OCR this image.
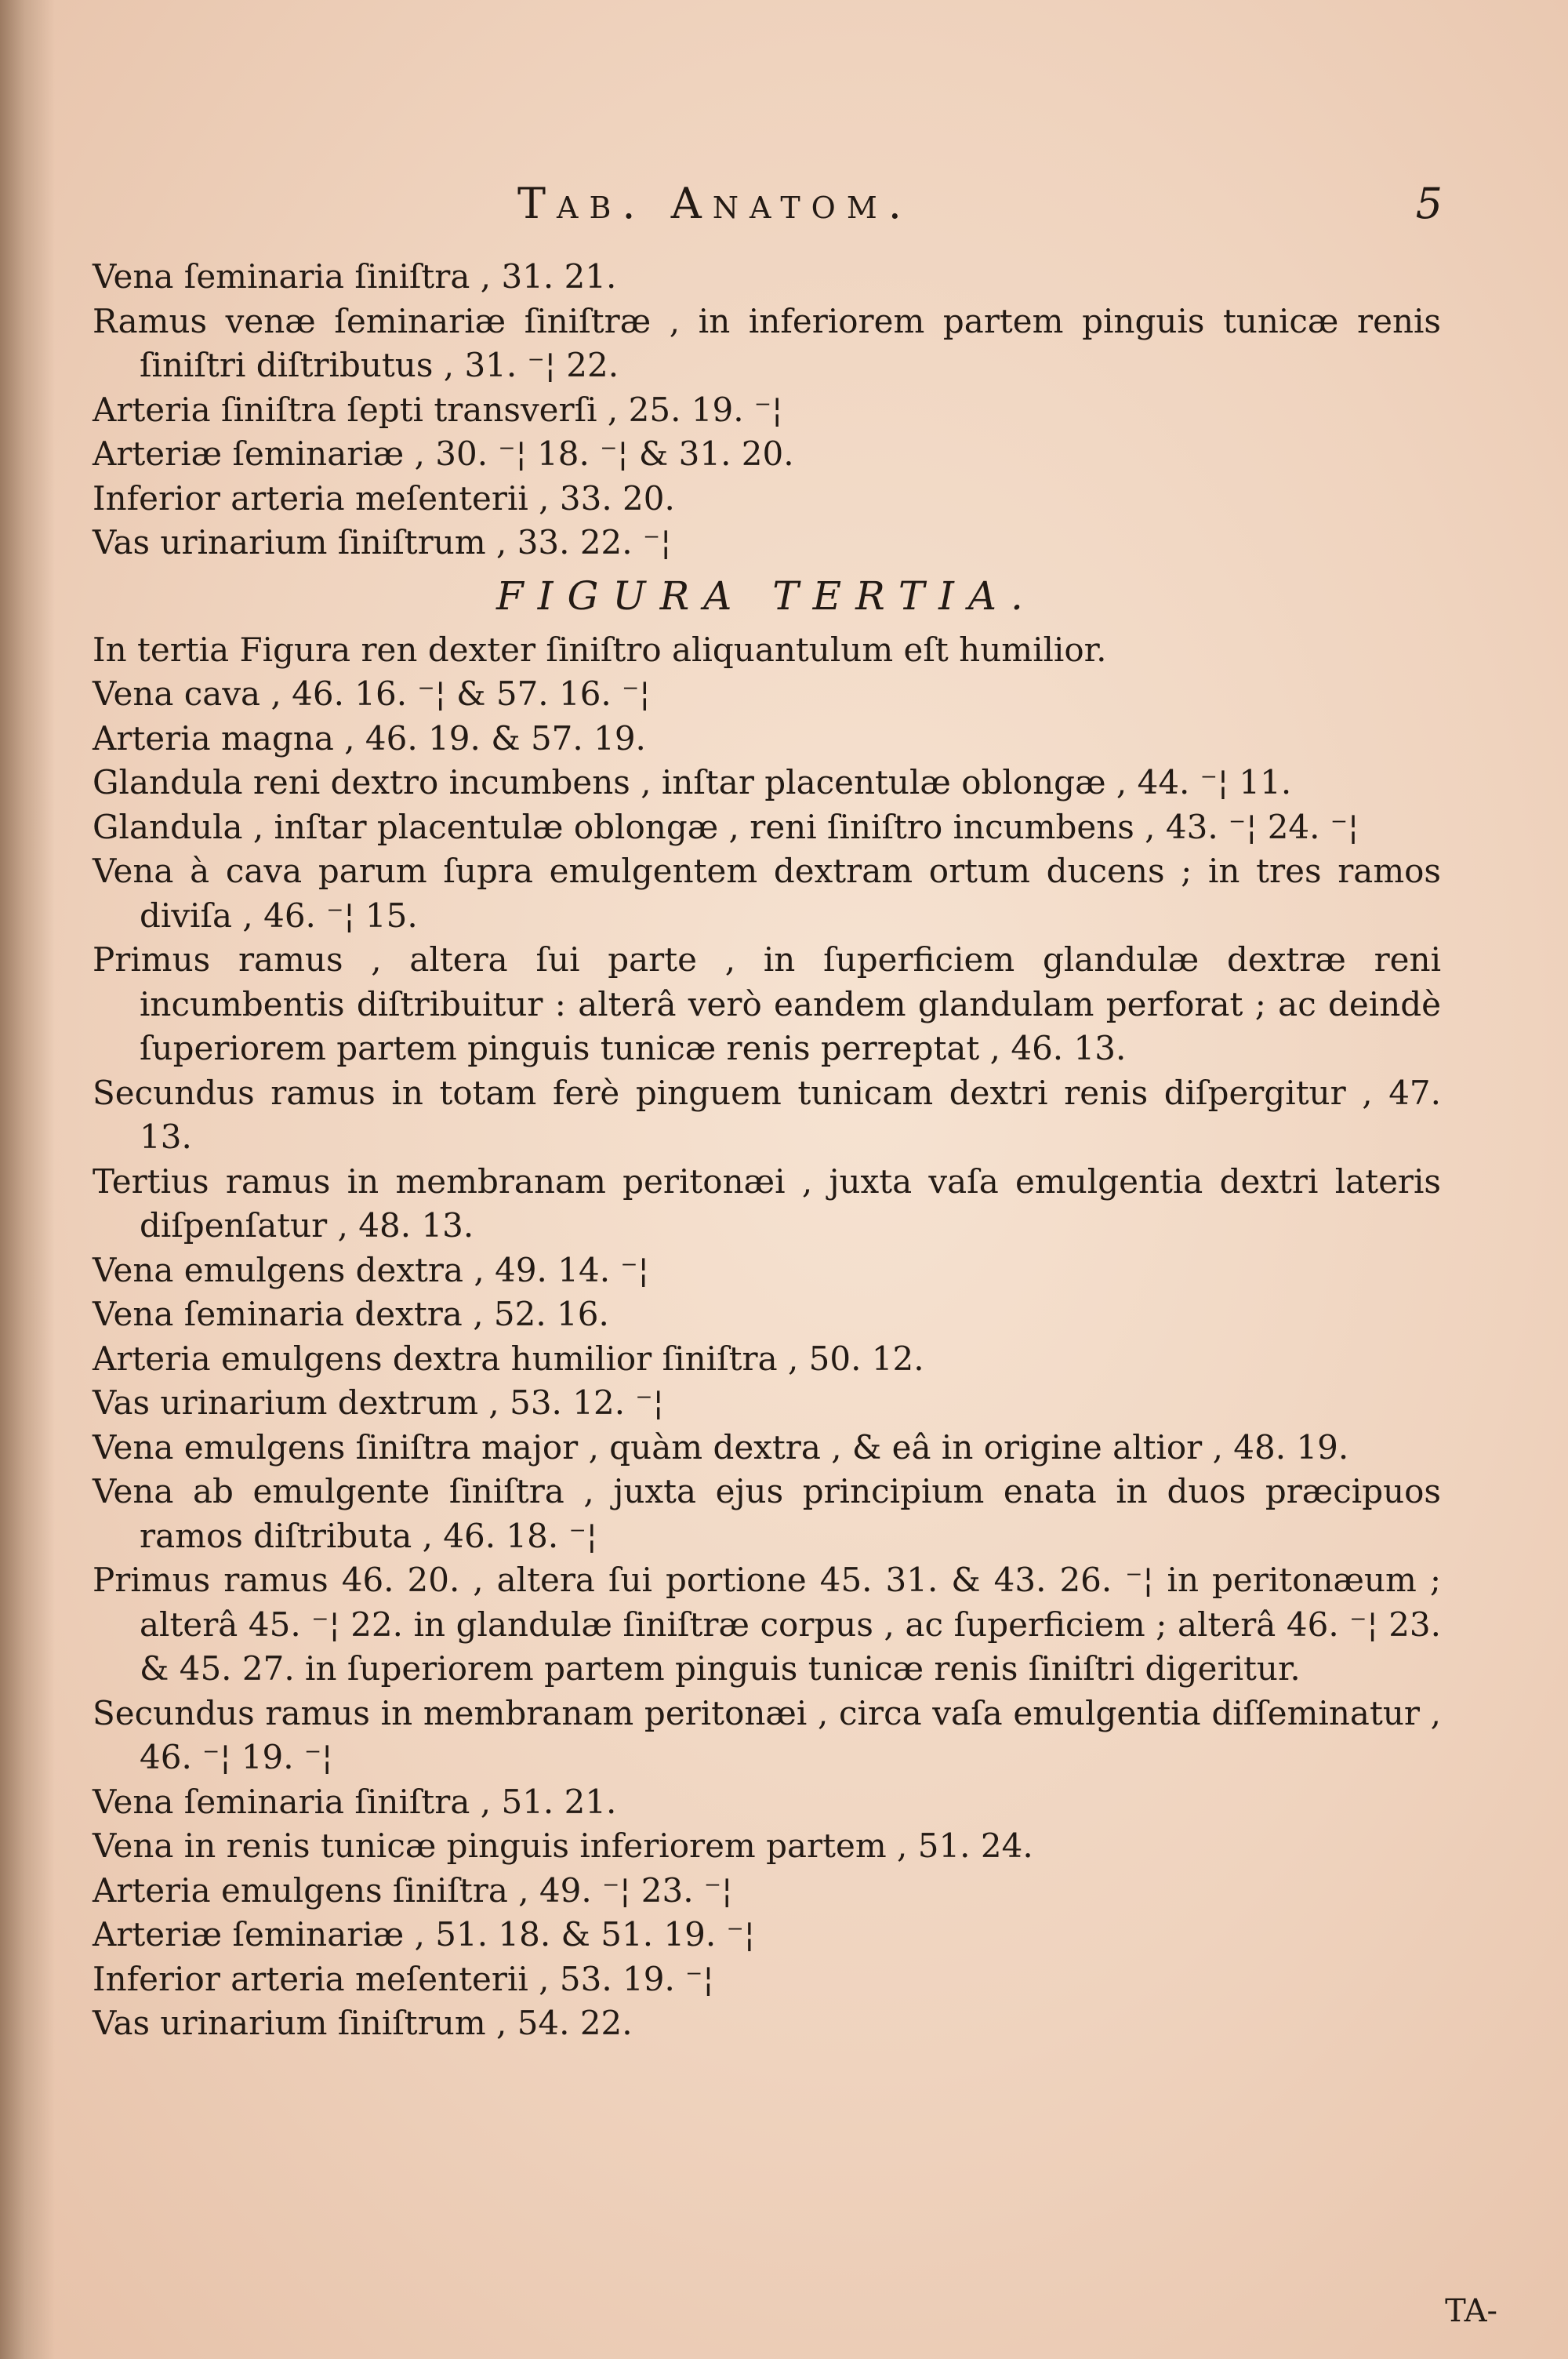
Tab. Anatom.	5

Vena ſeminaria ſiniſtra , 31. 21.

Ramus venæ ſeminariæ ſiniſtræ , in inferiorem partem pinguis tunicæ renis ſiniſtri diſtributus , 31. ⁻¦ 22.

Arteria ſiniſtra ſepti transverſi , 25. 19. ⁻¦

Arteriæ ſeminariæ , 30. ⁻¦ 18. ⁻¦ & 31. 20.

Inferior arteria meſenterii , 33. 20.

Vas urinarium ſiniſtrum , 33. 22. ⁻¦

FIGURA TERTIA.

In tertia Figura ren dexter ſiniſtro aliquantulum eſt humilior.

Vena cava , 46. 16. ⁻¦ & 57. 16. ⁻¦

Arteria magna , 46. 19. & 57. 19.

Glandula reni dextro incumbens , inſtar placentulæ oblongæ , 44. ⁻¦ 11.

Glandula , inſtar placentulæ oblongæ , reni ſiniſtro incumbens , 43. ⁻¦ 24. ⁻¦

Vena à cava parum ſupra emulgentem dextram ortum ducens ; in tres ramos diviſa , 46. ⁻¦ 15.

Primus ramus , altera ſui parte , in ſuperficiem glandulæ dextræ reni incumbentis diſtribuitur : alterâ verò eandem glandulam perforat ; ac deindè ſuperiorem partem pinguis tunicæ renis perreptat , 46. 13.

Secundus ramus in totam ferè pinguem tunicam dextri renis diſpergitur , 47. 13.

Tertius ramus in membranam peritonæi , juxta vaſa emulgentia dextri lateris diſpenſatur , 48. 13.

Vena emulgens dextra , 49. 14. ⁻¦

Vena ſeminaria dextra , 52. 16.

Arteria emulgens dextra humilior ſiniſtra , 50. 12.

Vas urinarium dextrum , 53. 12. ⁻¦

Vena emulgens ſiniſtra major , quàm dextra , & eâ in origine altior , 48. 19.

Vena ab emulgente ſiniſtra , juxta ejus principium enata in duos præcipuos ramos diſtributa , 46. 18. ⁻¦

Primus ramus 46. 20. , altera ſui portione 45. 31. & 43. 26. ⁻¦ in peritonæum ; alterâ 45. ⁻¦ 22. in glandulæ ſiniſtræ corpus , ac ſuperficiem ; alterâ 46. ⁻¦ 23. & 45. 27. in ſuperiorem partem pinguis tunicæ renis ſiniſtri digeritur.

Secundus ramus in membranam peritonæi , circa vaſa emulgentia diſſeminatur , 46. ⁻¦ 19. ⁻¦

Vena ſeminaria ſiniſtra , 51. 21.

Vena in renis tunicæ pinguis inferiorem partem , 51. 24.

Arteria emulgens ſiniſtra , 49. ⁻¦ 23. ⁻¦

Arteriæ ſeminariæ , 51. 18. & 51. 19. ⁻¦

Inferior arteria meſenterii , 53. 19. ⁻¦

Vas urinarium ſiniſtrum , 54. 22.

TA-
